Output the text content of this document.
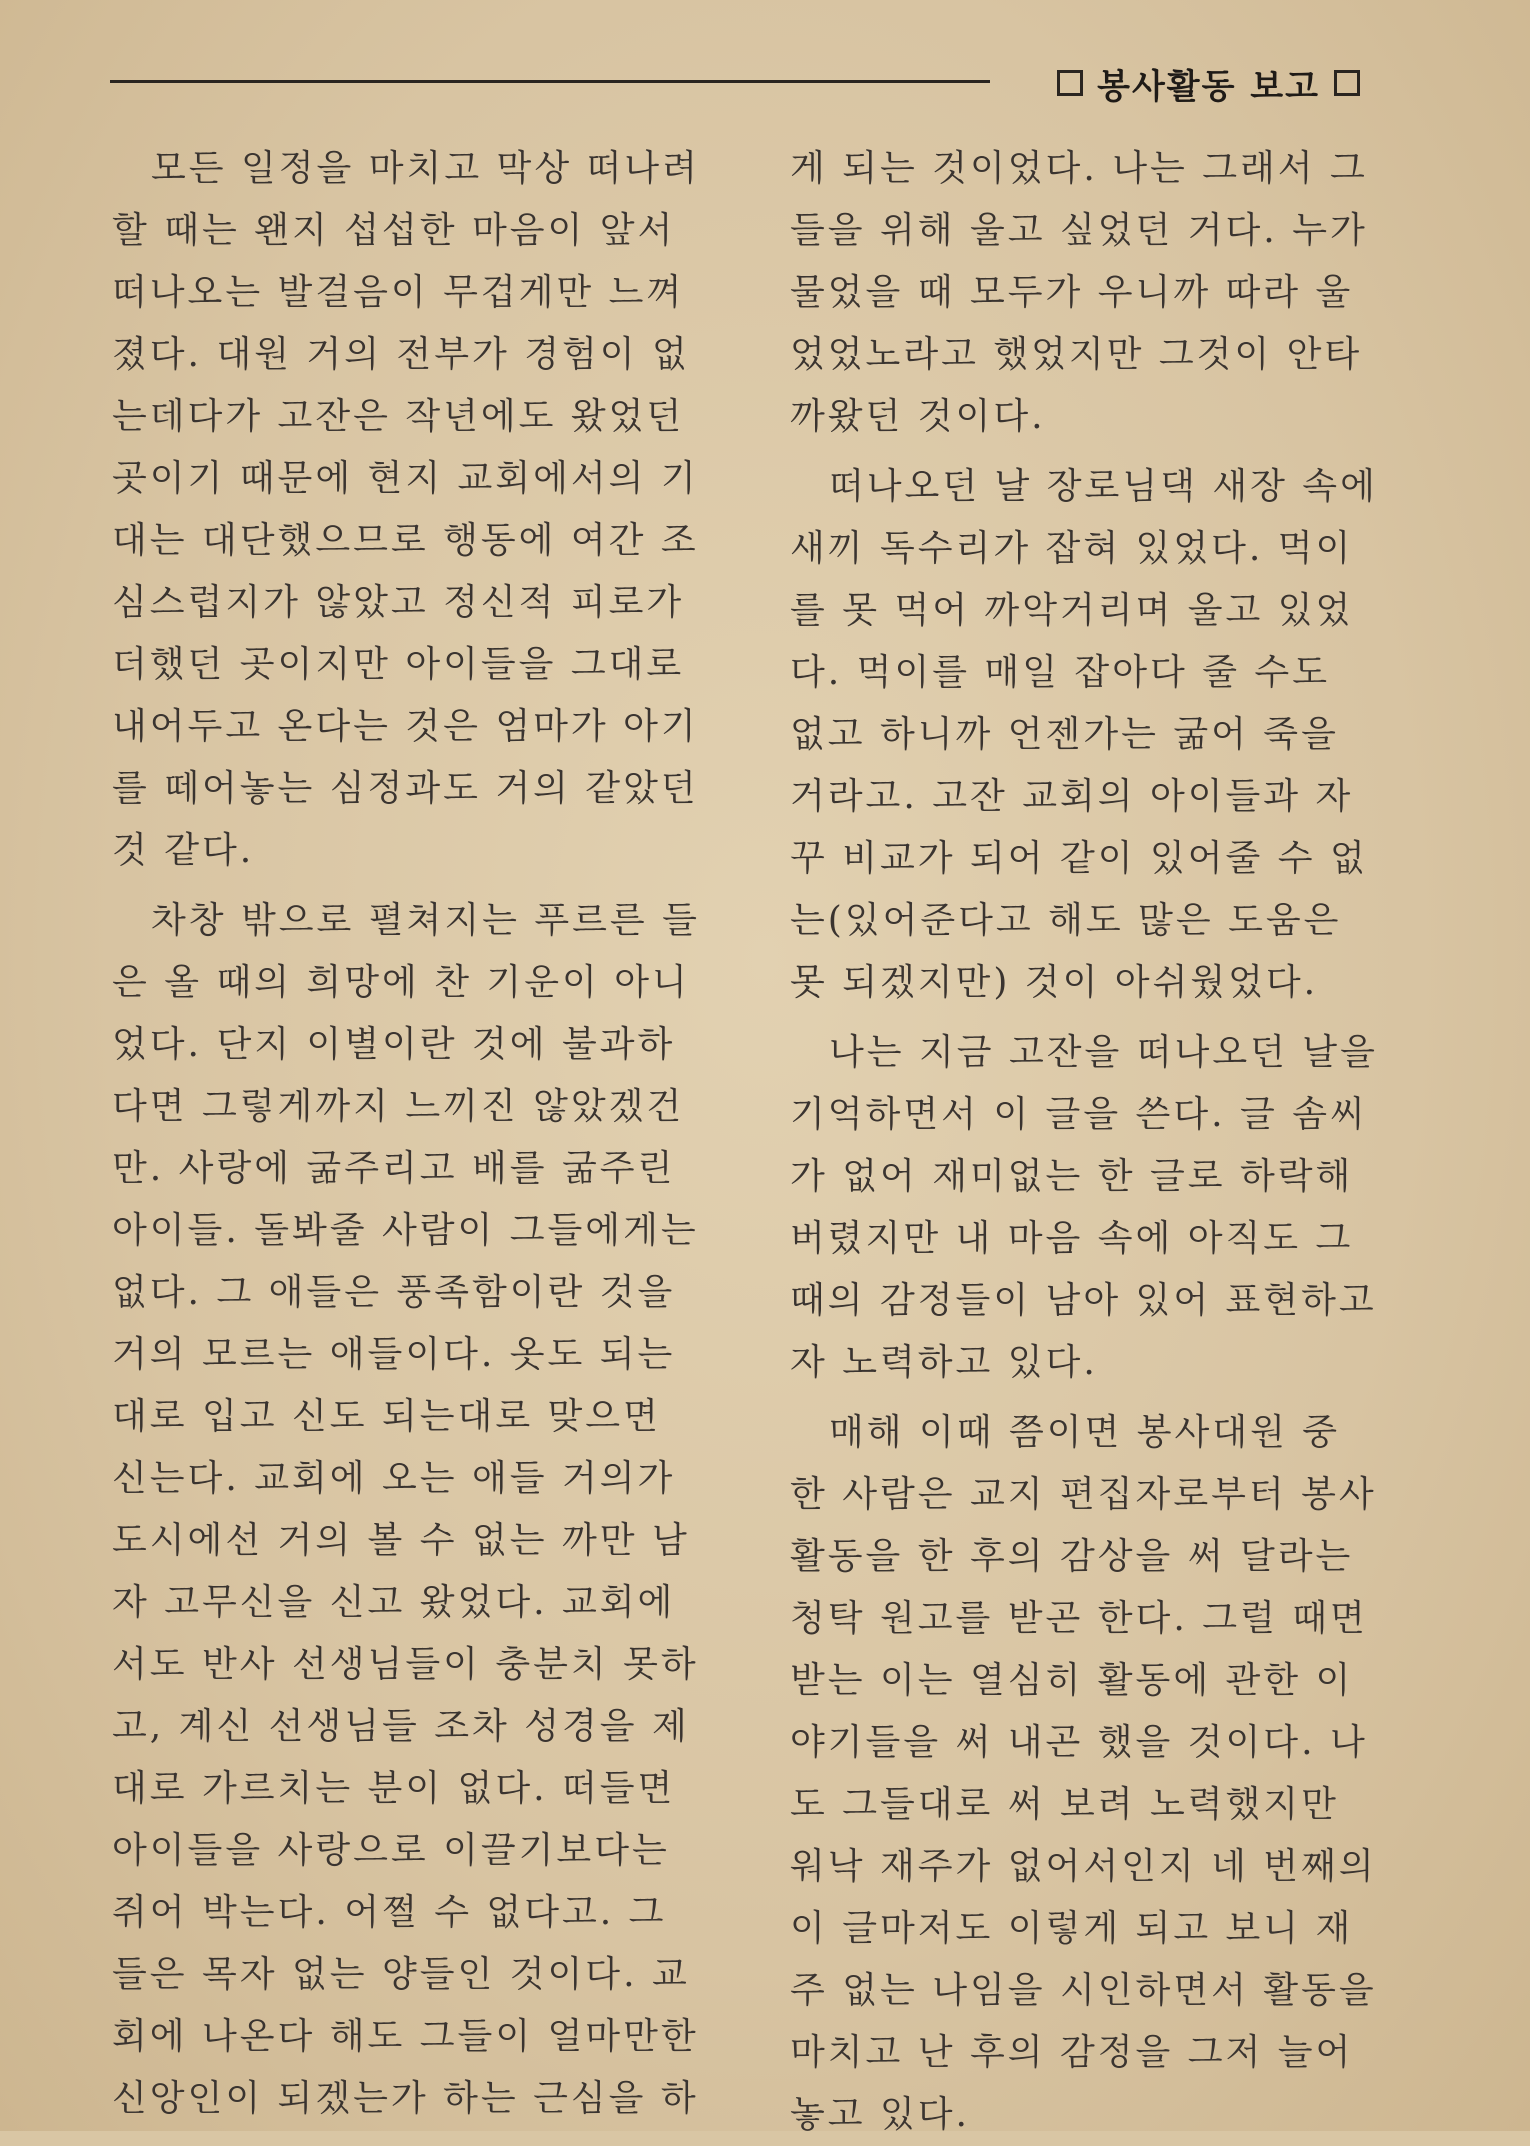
봉사활동 보고
　모든 일정을 마치고 막상 떠나려
할 때는 왠지 섭섭한 마음이 앞서
떠나오는 발걸음이 무겁게만 느껴
졌다. 대원 거의 전부가 경험이 없
는데다가 고잔은 작년에도 왔었던
곳이기 때문에 현지 교회에서의 기
대는 대단했으므로 행동에 여간 조
심스럽지가 않았고 정신적 피로가
더했던 곳이지만 아이들을 그대로
내어두고 온다는 것은 엄마가 아기
를 떼어놓는 심정과도 거의 같았던
것 같다.
　차창 밖으로 펼쳐지는 푸르른 들
은 올 때의 희망에 찬 기운이 아니
었다. 단지 이별이란 것에 불과하
다면 그렇게까지 느끼진 않았겠건
만. 사랑에 굶주리고 배를 굶주린
아이들. 돌봐줄 사람이 그들에게는
없다. 그 애들은 풍족함이란 것을
거의 모르는 애들이다. 옷도 되는
대로 입고 신도 되는대로 맞으면
신는다. 교회에 오는 애들 거의가
도시에선 거의 볼 수 없는 까만 남
자 고무신을 신고 왔었다. 교회에
서도 반사 선생님들이 충분치 못하
고, 계신 선생님들 조차 성경을 제
대로 가르치는 분이 없다. 떠들면
아이들을 사랑으로 이끌기보다는
쥐어 박는다. 어쩔 수 없다고. 그
들은 목자 없는 양들인 것이다. 교
회에 나온다 해도 그들이 얼마만한
신앙인이 되겠는가 하는 근심을 하
게 되는 것이었다. 나는 그래서 그
들을 위해 울고 싶었던 거다. 누가
물었을 때 모두가 우니까 따라 울
었었노라고 했었지만 그것이 안타
까왔던 것이다.
　떠나오던 날 장로님댁 새장 속에
새끼 독수리가 잡혀 있었다. 먹이
를 못 먹어 까악거리며 울고 있었
다. 먹이를 매일 잡아다 줄 수도
없고 하니까 언젠가는 굶어 죽을
거라고. 고잔 교회의 아이들과 자
꾸 비교가 되어 같이 있어줄 수 없
는(있어준다고 해도 많은 도움은
못 되겠지만) 것이 아쉬웠었다.
　나는 지금 고잔을 떠나오던 날을
기억하면서 이 글을 쓴다. 글 솜씨
가 없어 재미없는 한 글로 하락해
버렸지만 내 마음 속에 아직도 그
때의 감정들이 남아 있어 표현하고
자 노력하고 있다.
　매해 이때 쯤이면 봉사대원 중
한 사람은 교지 편집자로부터 봉사
활동을 한 후의 감상을 써 달라는
청탁 원고를 받곤 한다. 그럴 때면
받는 이는 열심히 활동에 관한 이
야기들을 써 내곤 했을 것이다. 나
도 그들대로 써 보려 노력했지만
워낙 재주가 없어서인지 네 번째의
이 글마저도 이렇게 되고 보니 재
주 없는 나임을 시인하면서 활동을
마치고 난 후의 감정을 그저 늘어
놓고 있다.
